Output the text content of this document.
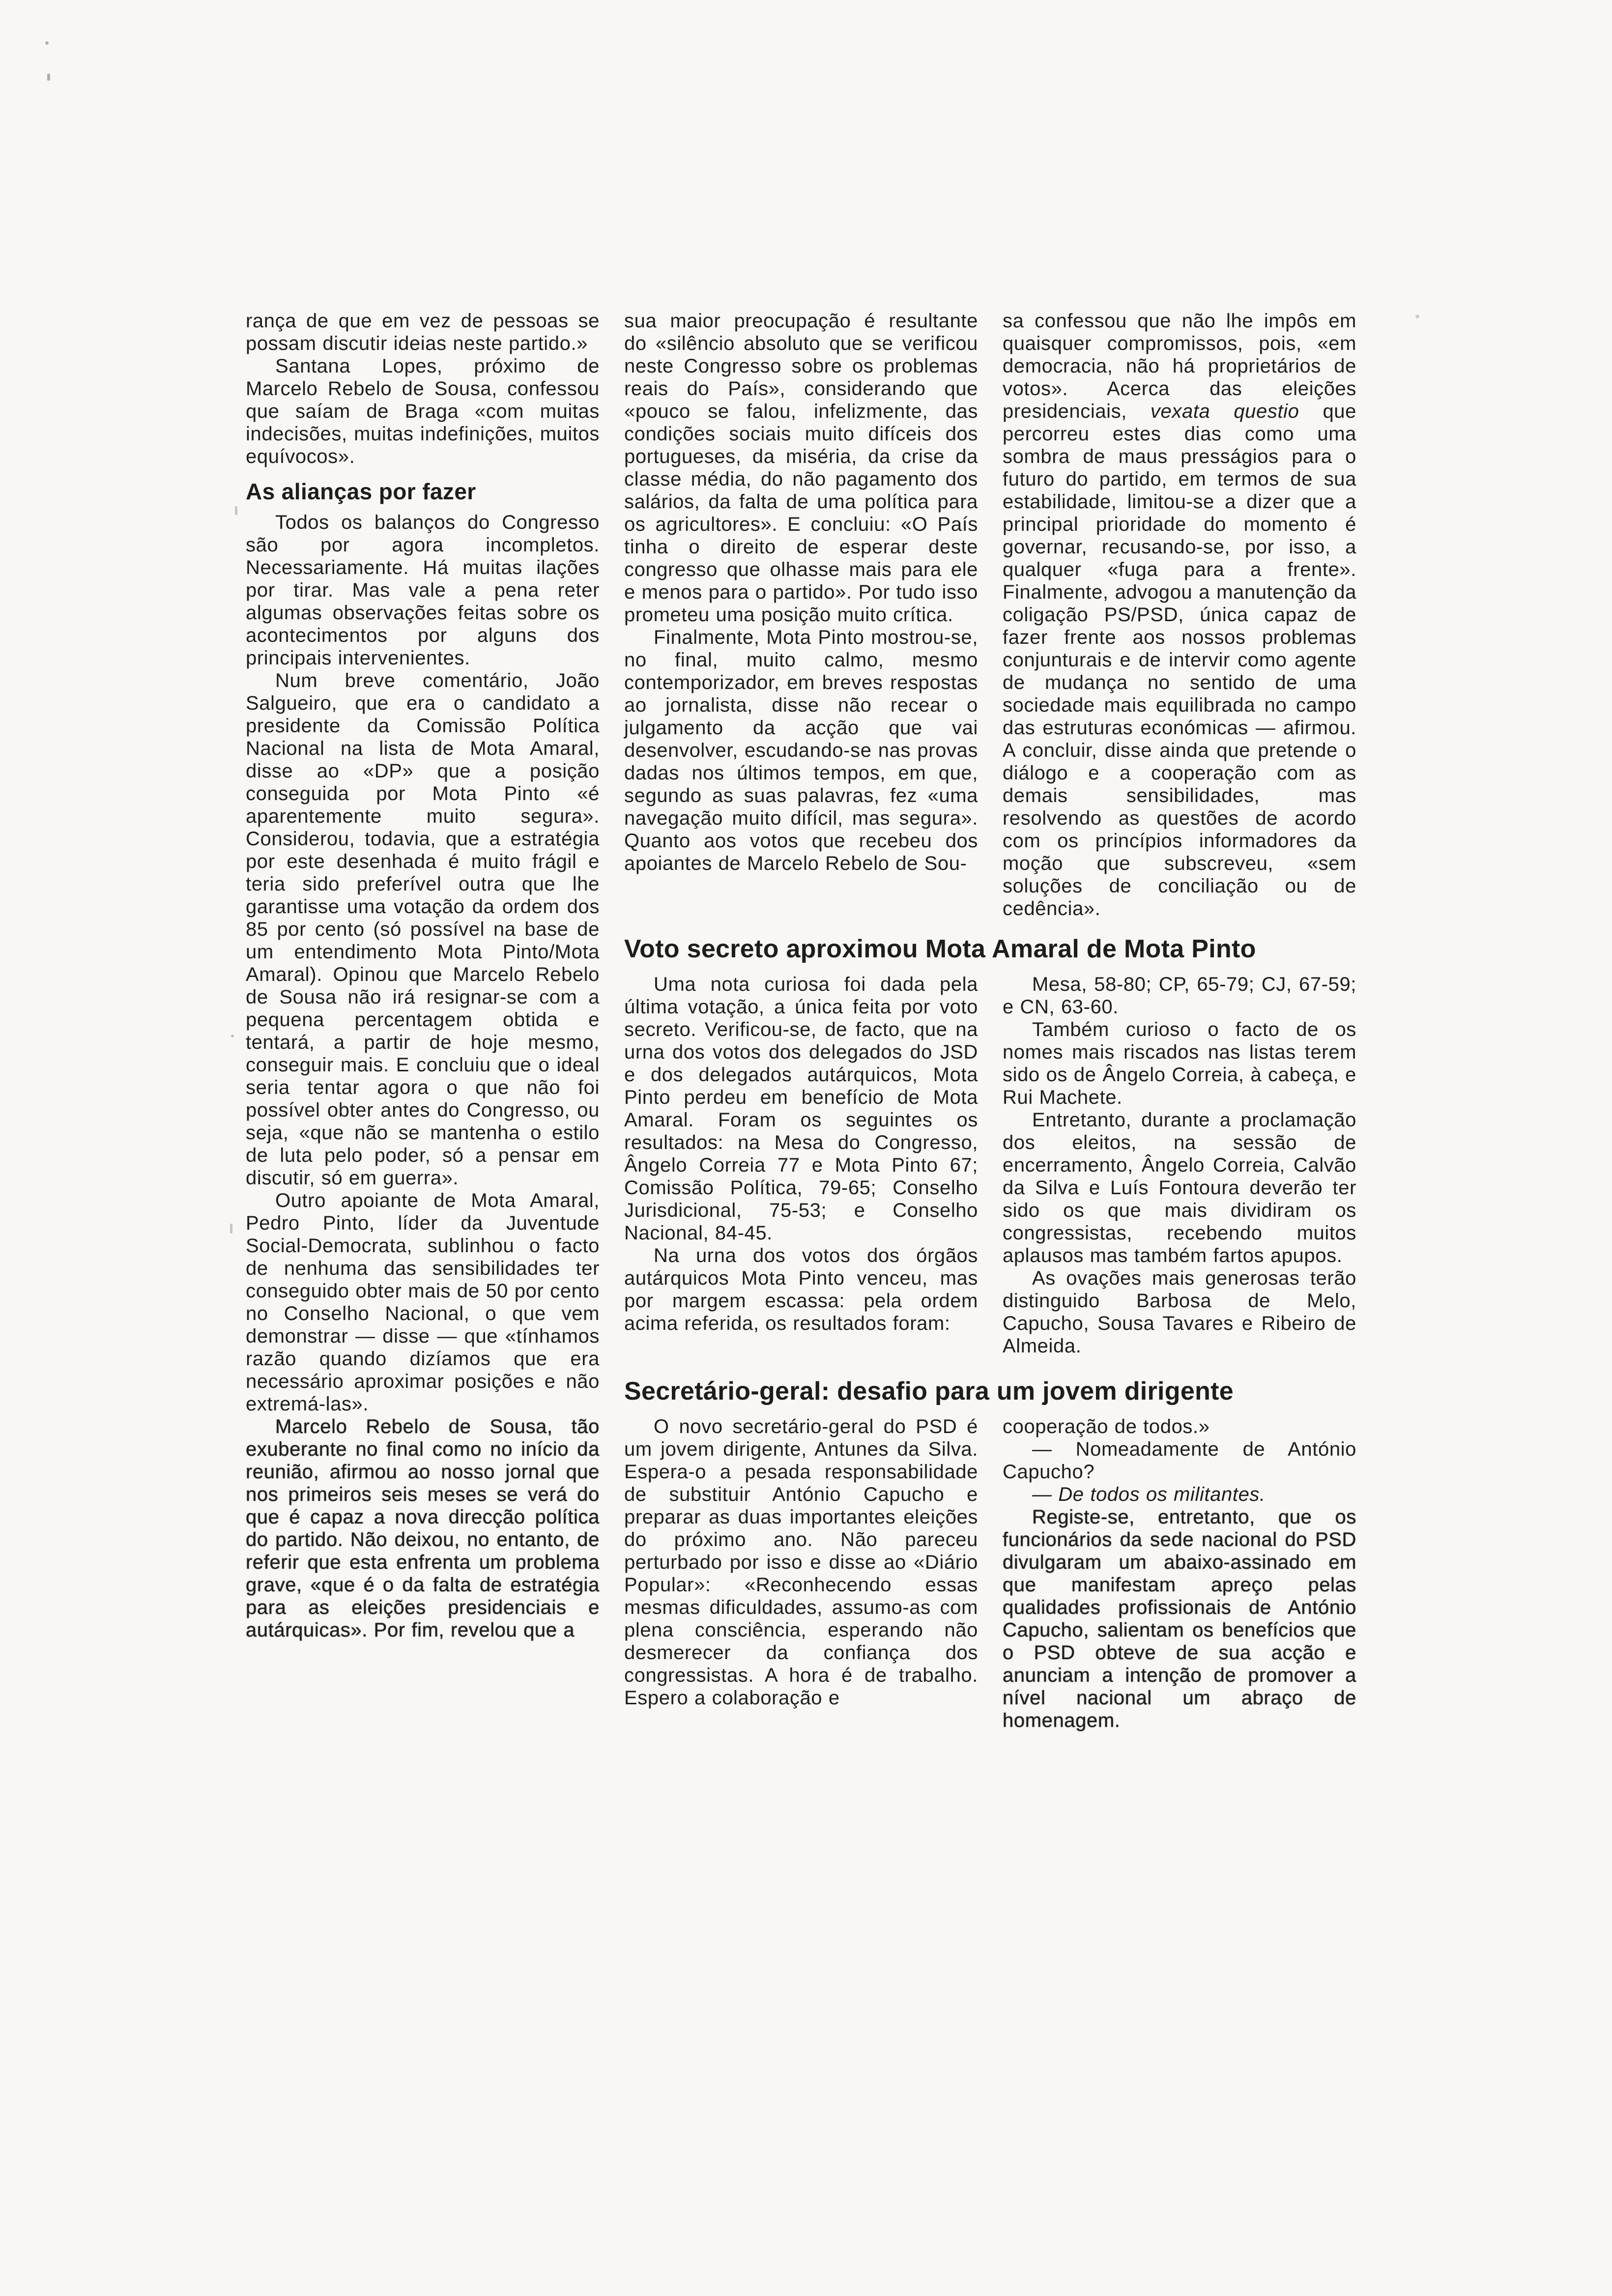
rança de que em vez de pessoas se possam discutir ideias neste partido.»

Santana Lopes, próximo de Marcelo Rebelo de Sousa, confessou que saíam de Braga «com muitas indecisões, muitas indefinições, muitos equívocos».

As alianças por fazer

Todos os balanços do Congresso são por agora incompletos. Necessariamente. Há muitas ilações por tirar. Mas vale a pena reter algumas observações feitas sobre os acontecimentos por alguns dos principais intervenientes.

Num breve comentário, João Salgueiro, que era o candidato a presidente da Comissão Política Nacional na lista de Mota Amaral, disse ao «DP» que a posição conseguida por Mota Pinto «é aparentemente muito segura». Considerou, todavia, que a estratégia por este desenhada é muito frágil e teria sido preferível outra que lhe garantisse uma votação da ordem dos 85 por cento (só possível na base de um entendimento Mota Pinto/Mota Amaral). Opinou que Marcelo Rebelo de Sousa não irá resignar-se com a pequena percentagem obtida e tentará, a partir de hoje mesmo, conseguir mais. E concluiu que o ideal seria tentar agora o que não foi possível obter antes do Congresso, ou seja, «que não se mantenha o estilo de luta pelo poder, só a pensar em discutir, só em guerra».

Outro apoiante de Mota Amaral, Pedro Pinto, líder da Juventude Social-Democrata, sublinhou o facto de nenhuma das sensibilidades ter conseguido obter mais de 50 por cento no Conselho Nacional, o que vem demonstrar — disse — que «tínhamos razão quando dizíamos que era necessário aproximar posições e não extremá-las».

Marcelo Rebelo de Sousa, tão exuberante no final como no início da reunião, afirmou ao nosso jornal que nos primeiros seis meses se verá do que é capaz a nova direcção política do partido. Não deixou, no entanto, de referir que esta enfrenta um problema grave, «que é o da falta de estratégia para as eleições presidenciais e autárquicas». Por fim, revelou que a

sua maior preocupação é resultante do «silêncio absoluto que se verificou neste Congresso sobre os problemas reais do País», considerando que «pouco se falou, infelizmente, das condições sociais muito difíceis dos portugueses, da miséria, da crise da classe média, do não pagamento dos salários, da falta de uma política para os agricultores». E concluiu: «O País tinha o direito de esperar deste congresso que olhasse mais para ele e menos para o partido». Por tudo isso prometeu uma posição muito crítica.

Finalmente, Mota Pinto mostrou-se, no final, muito calmo, mesmo contemporizador, em breves respostas ao jornalista, disse não recear o julgamento da acção que vai desenvolver, escudando-se nas provas dadas nos últimos tempos, em que, segundo as suas palavras, fez «uma navegação muito difícil, mas segura». Quanto aos votos que recebeu dos apoiantes de Marcelo Rebelo de Sou-

sa confessou que não lhe impôs em quaisquer compromissos, pois, «em democracia, não há proprietários de votos». Acerca das eleições presidenciais, vexata questio que percorreu estes dias como uma sombra de maus presságios para o futuro do partido, em termos de sua estabilidade, limitou-se a dizer que a principal prioridade do momento é governar, recusando-se, por isso, a qualquer «fuga para a frente». Finalmente, advogou a manutenção da coligação PS/PSD, única capaz de fazer frente aos nossos problemas conjunturais e de intervir como agente de mudança no sentido de uma sociedade mais equilibrada no campo das estruturas económicas — afirmou. A concluir, disse ainda que pretende o diálogo e a cooperação com as demais sensibilidades, mas resolvendo as questões de acordo com os princípios informadores da moção que subscreveu, «sem soluções de conciliação ou de cedência».

Voto secreto aproximou Mota Amaral de Mota Pinto

Uma nota curiosa foi dada pela última votação, a única feita por voto secreto. Verificou-se, de facto, que na urna dos votos dos delegados do JSD e dos delegados autárquicos, Mota Pinto perdeu em benefício de Mota Amaral. Foram os seguintes os resultados: na Mesa do Congresso, Ângelo Correia 77 e Mota Pinto 67; Comissão Política, 79-65; Conselho Jurisdicional, 75-53; e Conselho Nacional, 84-45.

Na urna dos votos dos órgãos autárquicos Mota Pinto venceu, mas por margem escassa: pela ordem acima referida, os resultados foram:

Mesa, 58-80; CP, 65-79; CJ, 67-59; e CN, 63-60.

Também curioso o facto de os nomes mais riscados nas listas terem sido os de Ângelo Correia, à cabeça, e Rui Machete.

Entretanto, durante a proclamação dos eleitos, na sessão de encerramento, Ângelo Correia, Calvão da Silva e Luís Fontoura deverão ter sido os que mais dividiram os congressistas, recebendo muitos aplausos mas também fartos apupos.

As ovações mais generosas terão distinguido Barbosa de Melo, Capucho, Sousa Tavares e Ribeiro de Almeida.

Secretário-geral: desafio para um jovem dirigente

O novo secretário-geral do PSD é um jovem dirigente, Antunes da Silva. Espera-o a pesada responsabilidade de substituir António Capucho e preparar as duas importantes eleições do próximo ano. Não pareceu perturbado por isso e disse ao «Diário Popular»: «Reconhecendo essas mesmas dificuldades, assumo-as com plena consciência, esperando não desmerecer da confiança dos congressistas. A hora é de trabalho. Espero a colaboração e

cooperação de todos.»

— Nomeadamente de António Capucho?

— De todos os militantes.

Registe-se, entretanto, que os funcionários da sede nacional do PSD divulgaram um abaixo-assinado em que manifestam apreço pelas qualidades profissionais de António Capucho, salientam os benefícios que o PSD obteve de sua acção e anunciam a intenção de promover a nível nacional um abraço de homenagem.
